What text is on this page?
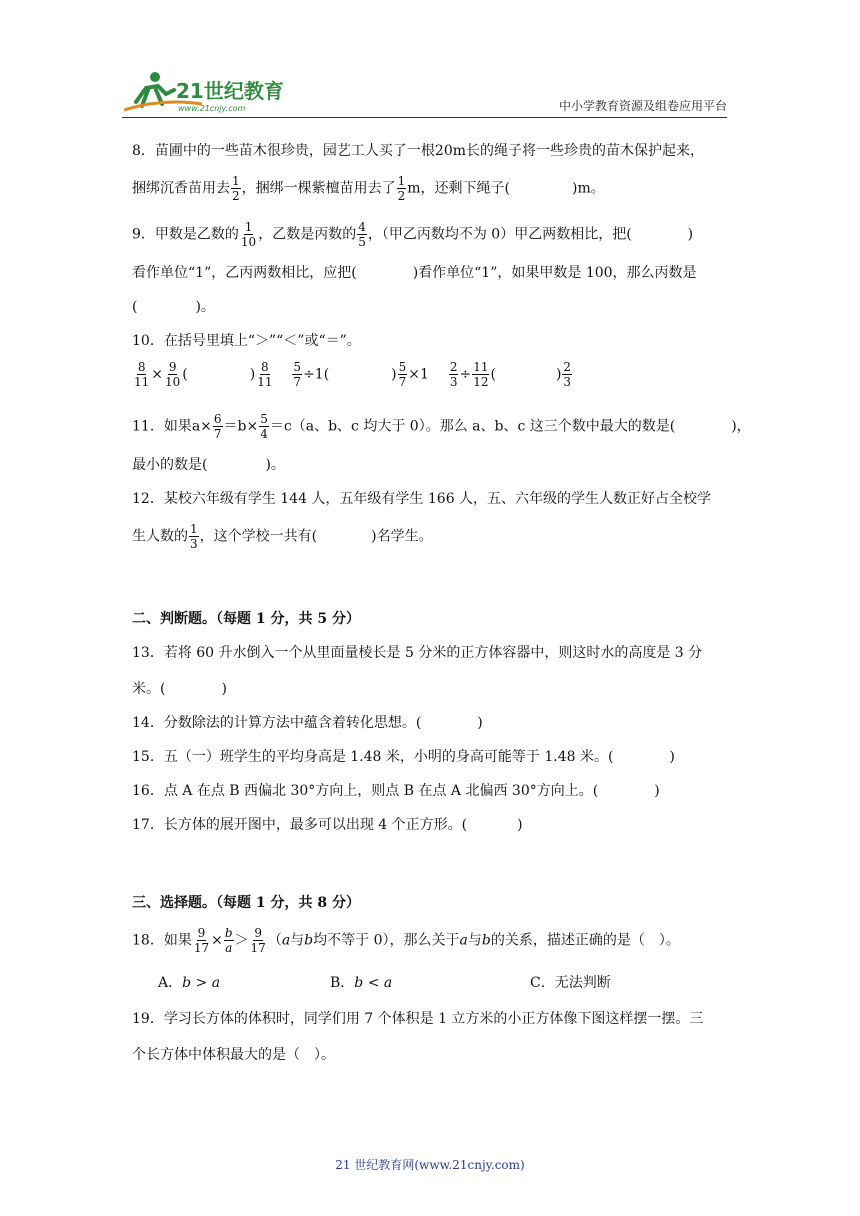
21世纪教育
www.21cnjy.com	中小学教育资源及组卷应用平台
8．苗圃中的一些苗木很珍贵，园艺工人买了一根20m长的绳子将一些珍贵的苗木保护起来，
捆绑沉香苗用去 $\frac{1}{2}$ ，捆绑一棵紫檀苗用去了 $\frac{1}{2}$ m，还剩下绳子(	)m。
9．甲数是乙数的 $\frac{1}{10}$ ，乙数是丙数的 $\frac{4}{5}$ ，（甲乙丙数均不为 0）甲乙两数相比，把(	)
看作单位“1”，乙丙两数相比，应把(	)看作单位“1”，如果甲数是 100，那么丙数是
(	)。
10．在括号里填上“＞”“＜”或“＝”。
$\frac{8}{11} \times \frac{9}{10}$ (	) $\frac{8}{11}$
$\frac{5}{7} \div 1$(	) $\frac{5}{7} \times 1 \frac{2}{3} \div \frac{11}{12}$ (	) $\frac{2}{3}$
11．如果$a\times \frac{6}{7} =b\times \frac{5}{4} =c(a$、b、c 均大于 0）。那么 a、b、c 这三个数中最大的数是(	)，
最小的数是(	)。
12．某校六年级有学生 144 人，五年级有学生 166 人，五、六年级的学生人数正好占全校学
生人数的 $\frac{1}{3}$ ，这个学校一共有(	)名学生。
二、判断题。（每题 1 分，共 5 分）
13．若将 60 升水倒入一个从里面量棱长是 5 分米的正方体容器中，则这时水的高度是 3 分
米。(	)
14．分数除法的计算方法中蕴含着转化思想。(	)
15．五（一）班学生的平均身高是 1.48 米，小明的身高可能等于 1.48 米。(	)
16．点 A 在点 B 西偏北 30°方向上，则点 B 在点 A 北偏西 30°方向上。(	)
17．长方体的展开图中，最多可以出现 4 个正方形。(	)
三、选择题。（每题 1 分，共 8 分）
18．如果 $\frac{9}{17} \times \frac{b}{a} > \frac{9}{17} (a$与b均不等于 0），那么关于a与b的关系，描述正确的是（　）。
A．b > a	B．b < a	C．无法判断
19．学习长方体的体积时，同学们用 7 个体积是 1 立方米的小正方体像下图这样摆一摆。三
个长方体中体积最大的是（　）。
21 世纪教育网(www.21cnjy.com)
